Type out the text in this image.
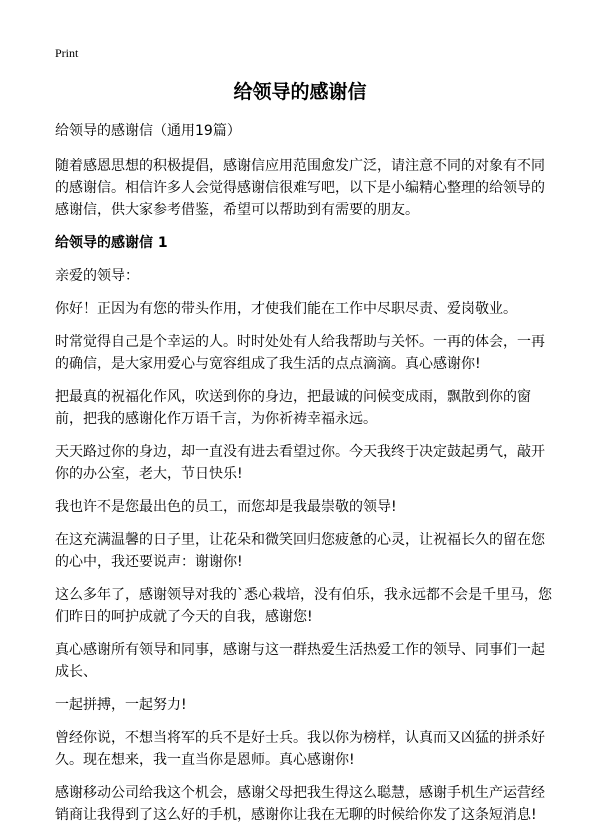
Print
给领导的感谢信

给领导的感谢信（通用19篇）

随着感恩思想的积极提倡，感谢信应用范围愈发广泛，请注意不同的对象有不同的感谢信。相信许多人会觉得感谢信很难写吧，以下是小编精心整理的给领导的感谢信，供大家参考借鉴，希望可以帮助到有需要的朋友。

给领导的感谢信 1

亲爱的领导：

你好！正因为有您的带头作用，才使我们能在工作中尽职尽责、爱岗敬业。

时常觉得自己是个幸运的人。时时处处有人给我帮助与关怀。一再的体会，一再的确信，是大家用爱心与宽容组成了我生活的点点滴滴。真心感谢你!

把最真的祝福化作风，吹送到你的身边，把最诚的问候变成雨，飘散到你的窗前，把我的感谢化作万语千言，为你祈祷幸福永远。

天天路过你的身边，却一直没有进去看望过你。今天我终于决定鼓起勇气，敲开你的办公室，老大，节日快乐!

我也许不是您最出色的员工，而您却是我最崇敬的领导!

在这充满温馨的日子里，让花朵和微笑回归您疲惫的心灵，让祝福长久的留在您的心中，我还要说声：谢谢你!

这么多年了，感谢领导对我的`悉心栽培，没有伯乐，我永远都不会是千里马，您们昨日的呵护成就了今天的自我，感谢您!

真心感谢所有领导和同事，感谢与这一群热爱生活热爱工作的领导、同事们一起成长、

一起拼搏，一起努力!

曾经你说，不想当将军的兵不是好士兵。我以你为榜样，认真而又凶猛的拼杀好久。现在想来，我一直当你是恩师。真心感谢你!

感谢移动公司给我这个机会，感谢父母把我生得这么聪慧，感谢手机生产运营经销商让我得到了这么好的手机，感谢你让我在无聊的时候给你发了这条短消息!
